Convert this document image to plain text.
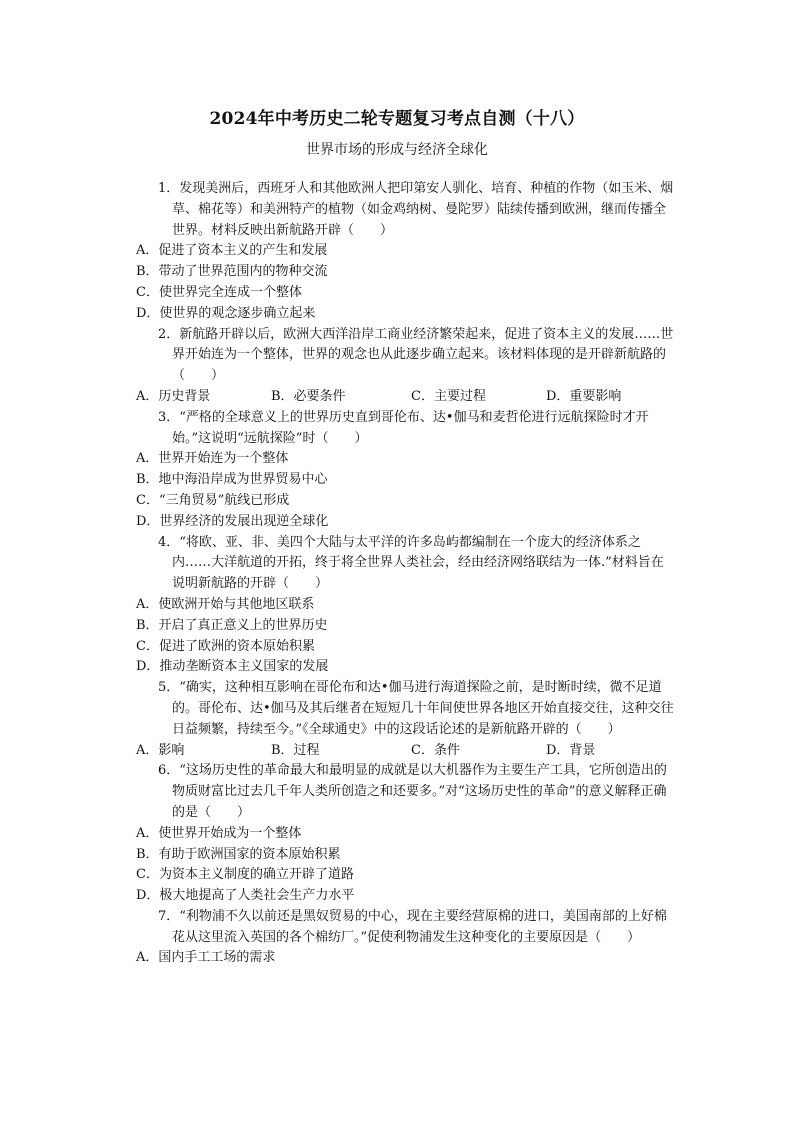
2024年中考历史二轮专题复习考点自测（十八）
世界市场的形成与经济全球化

1．发现美洲后，西班牙人和其他欧洲人把印第安人驯化、培育、种植的作物（如玉米、烟草、棉花等）和美洲特产的植物（如金鸡纳树、曼陀罗）陆续传播到欧洲，继而传播全世界。材料反映出新航路开辟（　　）

A．促进了资本主义的产生和发展

B．带动了世界范围内的物种交流

C．使世界完全连成一个整体

D．使世界的观念逐步确立起来

2．新航路开辟以后，欧洲大西洋沿岸工商业经济繁荣起来，促进了资本主义的发展……世界开始连为一个整体，世界的观念也从此逐步确立起来。该材料体现的是开辟新航路的（　　）

A．历史背景	B．必要条件	C．主要过程	D．重要影响

3．“严格的全球意义上的世界历史直到哥伦布、达•伽马和麦哲伦进行远航探险时才开始。”这说明“远航探险”时（　　）

A．世界开始连为一个整体

B．地中海沿岸成为世界贸易中心

C．“三角贸易”航线已形成

D．世界经济的发展出现逆全球化

4．“将欧、亚、非、美四个大陆与太平洋的许多岛屿都编制在一个庞大的经济体系之内……大洋航道的开拓，终于将全世界人类社会，经由经济网络联结为一体.”材料旨在说明新航路的开辟（　　）

A．使欧洲开始与其他地区联系

B．开启了真正意义上的世界历史

C．促进了欧洲的资本原始积累

D．推动垄断资本主义国家的发展

5．“确实，这种相互影响在哥伦布和达•伽马进行海道探险之前，是时断时续，微不足道的。哥伦布、达•伽马及其后继者在短短几十年间使世界各地区开始直接交往，这种交往日益频繁，持续至今。”《全球通史》中的这段话论述的是新航路开辟的（　　）

A．影响	B．过程	C．条件	D．背景

6．“这场历史性的革命最大和最明显的成就是以大机器作为主要生产工具，它所创造出的物质财富比过去几千年人类所创造之和还要多。”对“这场历史性的革命”的意义解释正确的是（　　）

A．使世界开始成为一个整体

B．有助于欧洲国家的资本原始积累

C．为资本主义制度的确立开辟了道路

D．极大地提高了人类社会生产力水平

7．“利物浦不久以前还是黑奴贸易的中心，现在主要经营原棉的进口，美国南部的上好棉花从这里流入英国的各个棉纺厂。”促使利物浦发生这种变化的主要原因是（　　）

A．国内手工工场的需求
